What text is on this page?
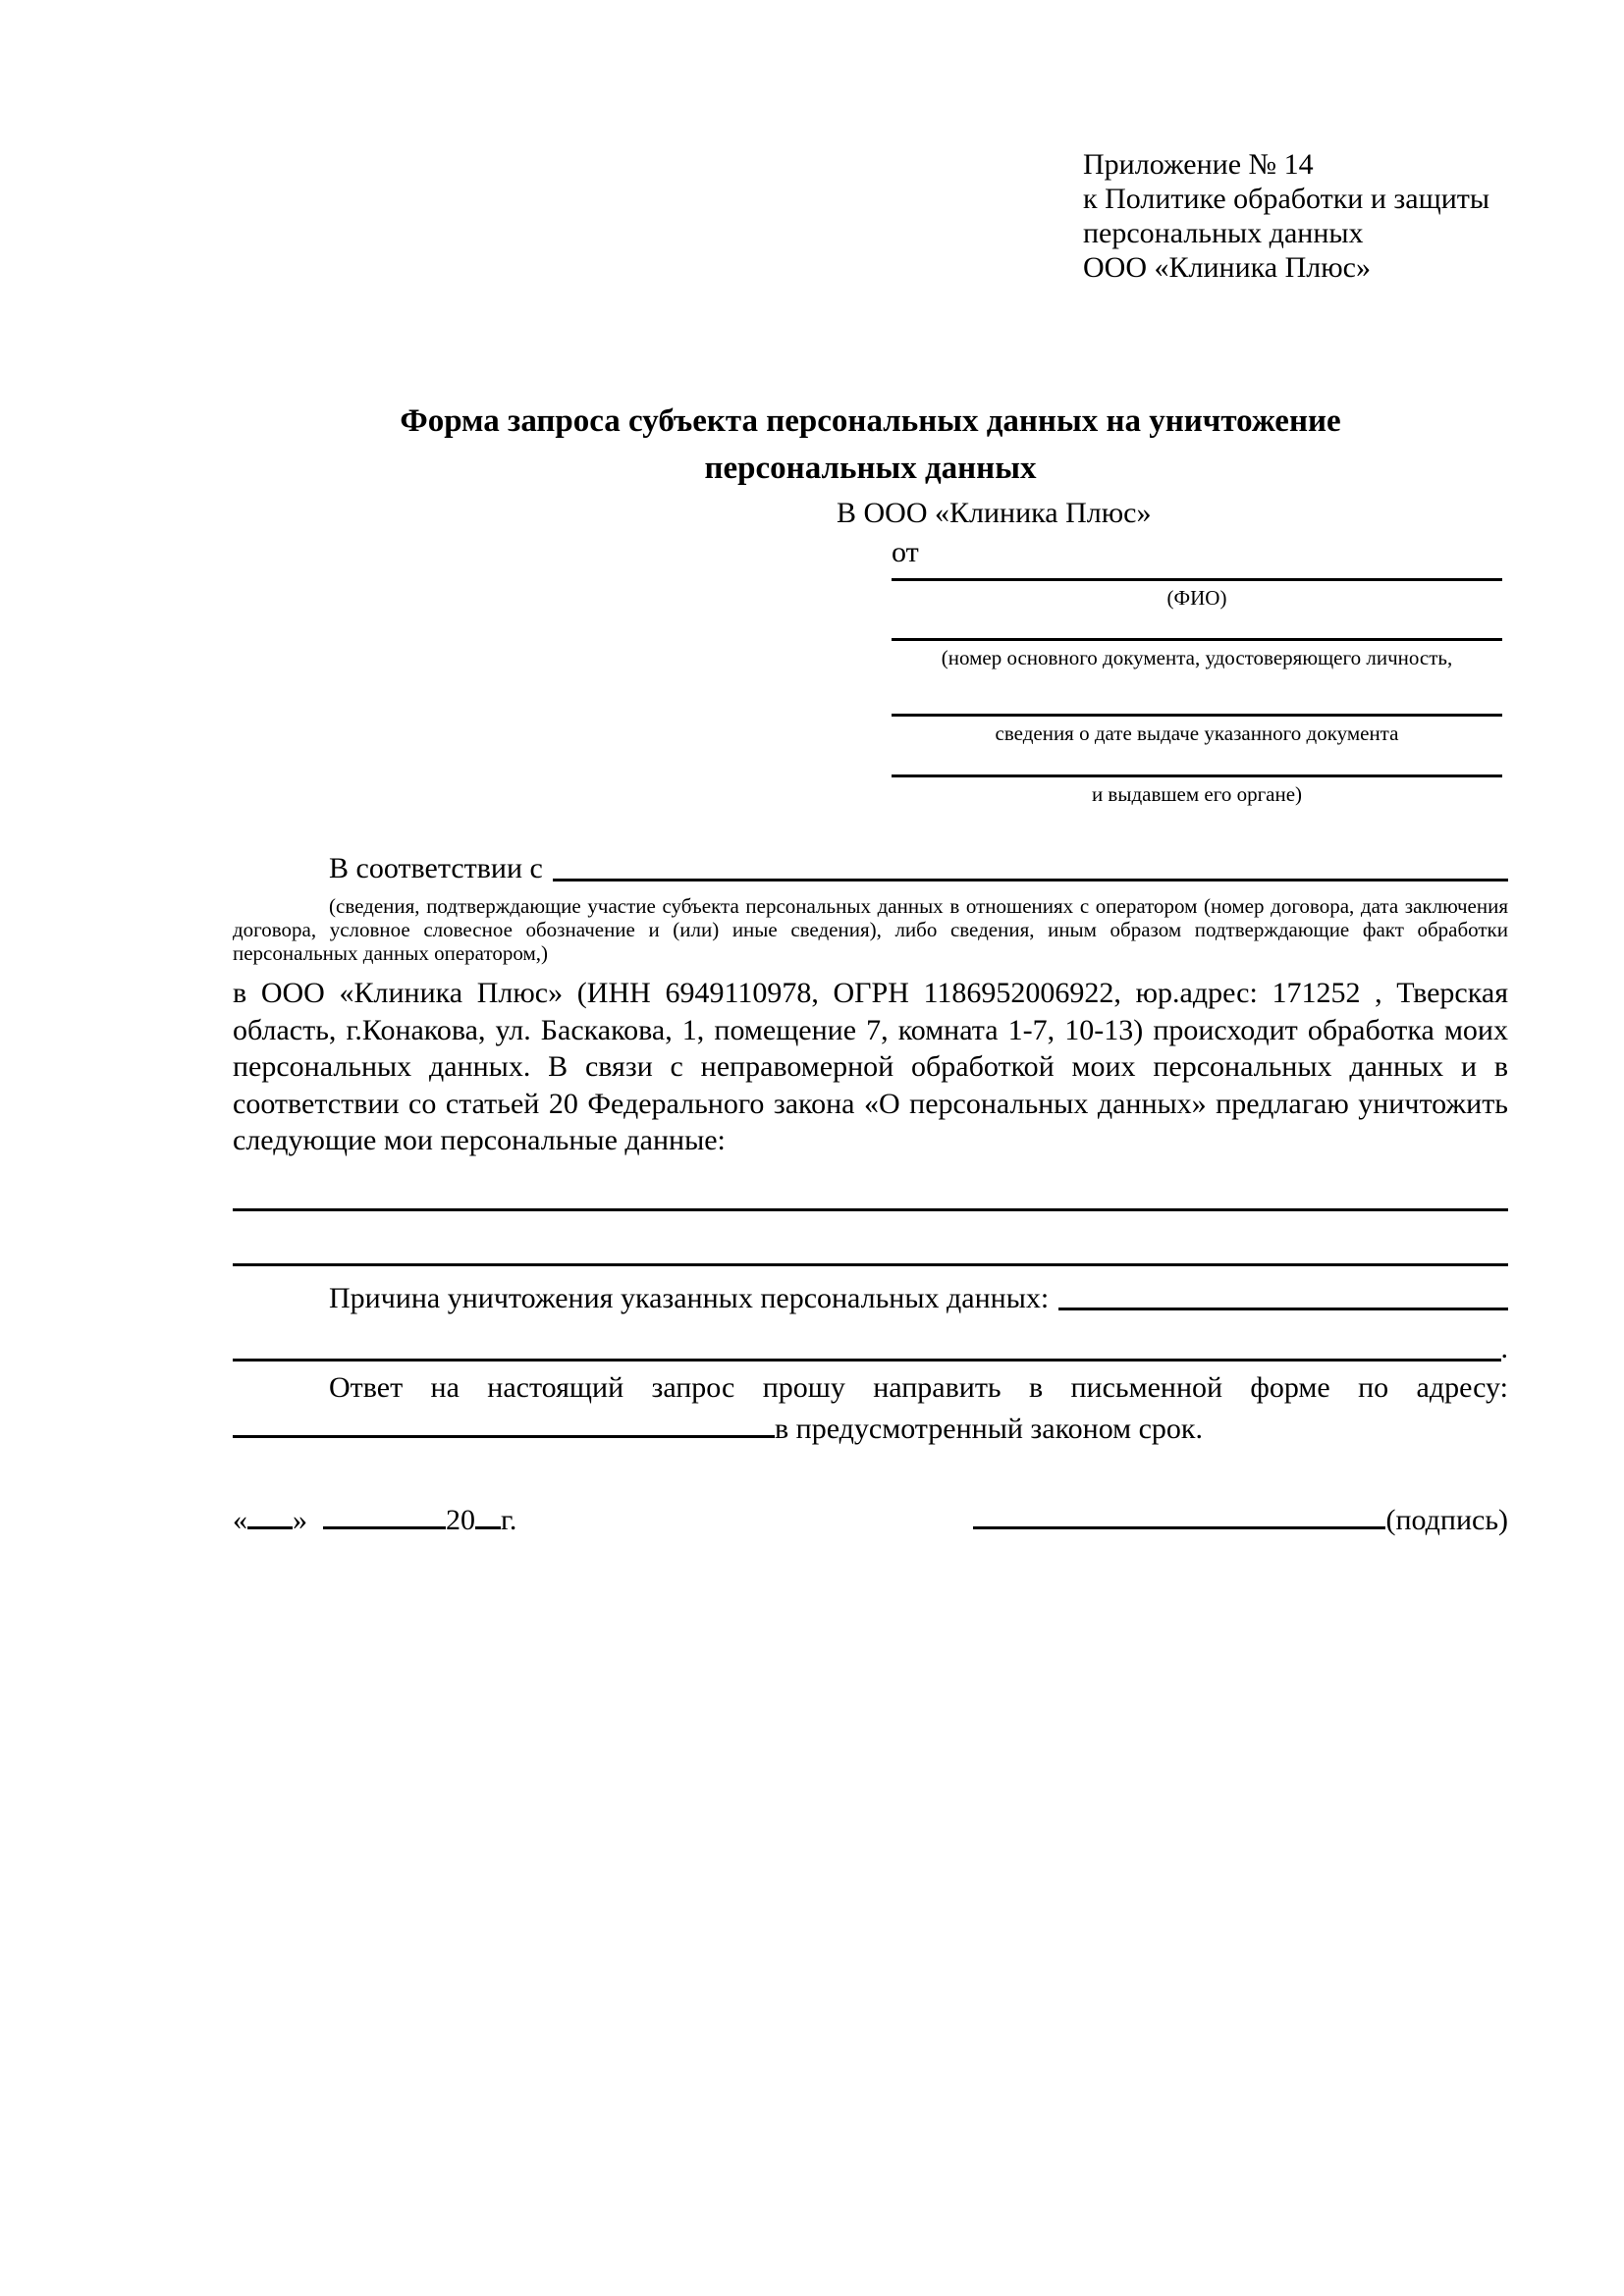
Приложение № 14
к Политике обработки и защиты
персональных данных
ООО «Клиника Плюс»
Форма запроса субъекта персональных данных на уничтожение
персональных данных
В ООО «Клиника Плюс»
от
(ФИО)
(номер основного документа, удостоверяющего личность,
сведения о дате выдаче указанного документа
и выдавшем его органе)
В соответствии с
(сведения, подтверждающие участие субъекта персональных данных в отношениях с оператором (номер договора, дата заключения договора, условное словесное обозначение и (или) иные сведения), либо сведения, иным образом подтверждающие факт обработки персональных данных оператором,)
в ООО «Клиника Плюс» (ИНН 6949110978, ОГРН 1186952006922, юр.адрес: 171252 , Тверская область, г.Конакова, ул. Баскакова, 1, помещение 7, комната 1-7, 10-13) происходит обработка моих персональных данных. В связи с неправомерной обработкой моих персональных данных и в соответствии со статьей 20 Федерального закона «О персональных данных» предлагаю уничтожить следующие мои персональные данные:
Причина уничтожения указанных персональных данных:
.
Ответ на настоящий запрос прошу направить в письменной форме по адресу:
в предусмотренный законом срок.
« »	20 г.	(подпись)
